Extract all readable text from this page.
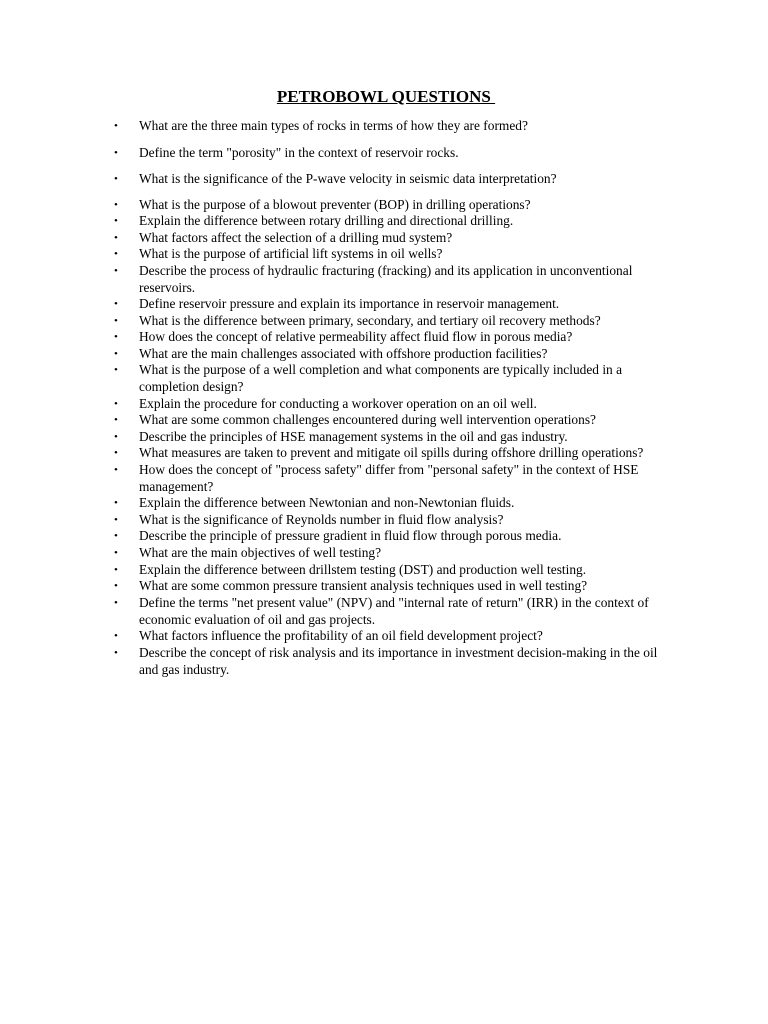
PETROBOWL QUESTIONS
• What are the three main types of rocks in terms of how they are formed?
• Define the term "porosity" in the context of reservoir rocks.
• What is the significance of the P-wave velocity in seismic data interpretation?
• What is the purpose of a blowout preventer (BOP) in drilling operations?
• Explain the difference between rotary drilling and directional drilling.
• What factors affect the selection of a drilling mud system?
• What is the purpose of artificial lift systems in oil wells?
• Describe the process of hydraulic fracturing (fracking) and its application in unconventional reservoirs.
• Define reservoir pressure and explain its importance in reservoir management.
• What is the difference between primary, secondary, and tertiary oil recovery methods?
• How does the concept of relative permeability affect fluid flow in porous media?
• What are the main challenges associated with offshore production facilities?
• What is the purpose of a well completion and what components are typically included in a completion design?
• Explain the procedure for conducting a workover operation on an oil well.
• What are some common challenges encountered during well intervention operations?
• Describe the principles of HSE management systems in the oil and gas industry.
• What measures are taken to prevent and mitigate oil spills during offshore drilling operations?
• How does the concept of "process safety" differ from "personal safety" in the context of HSE management?
• Explain the difference between Newtonian and non-Newtonian fluids.
• What is the significance of Reynolds number in fluid flow analysis?
• Describe the principle of pressure gradient in fluid flow through porous media.
• What are the main objectives of well testing?
• Explain the difference between drillstem testing (DST) and production well testing.
• What are some common pressure transient analysis techniques used in well testing?
• Define the terms "net present value" (NPV) and "internal rate of return" (IRR) in the context of economic evaluation of oil and gas projects.
• What factors influence the profitability of an oil field development project?
• Describe the concept of risk analysis and its importance in investment decision-making in the oil and gas industry.
